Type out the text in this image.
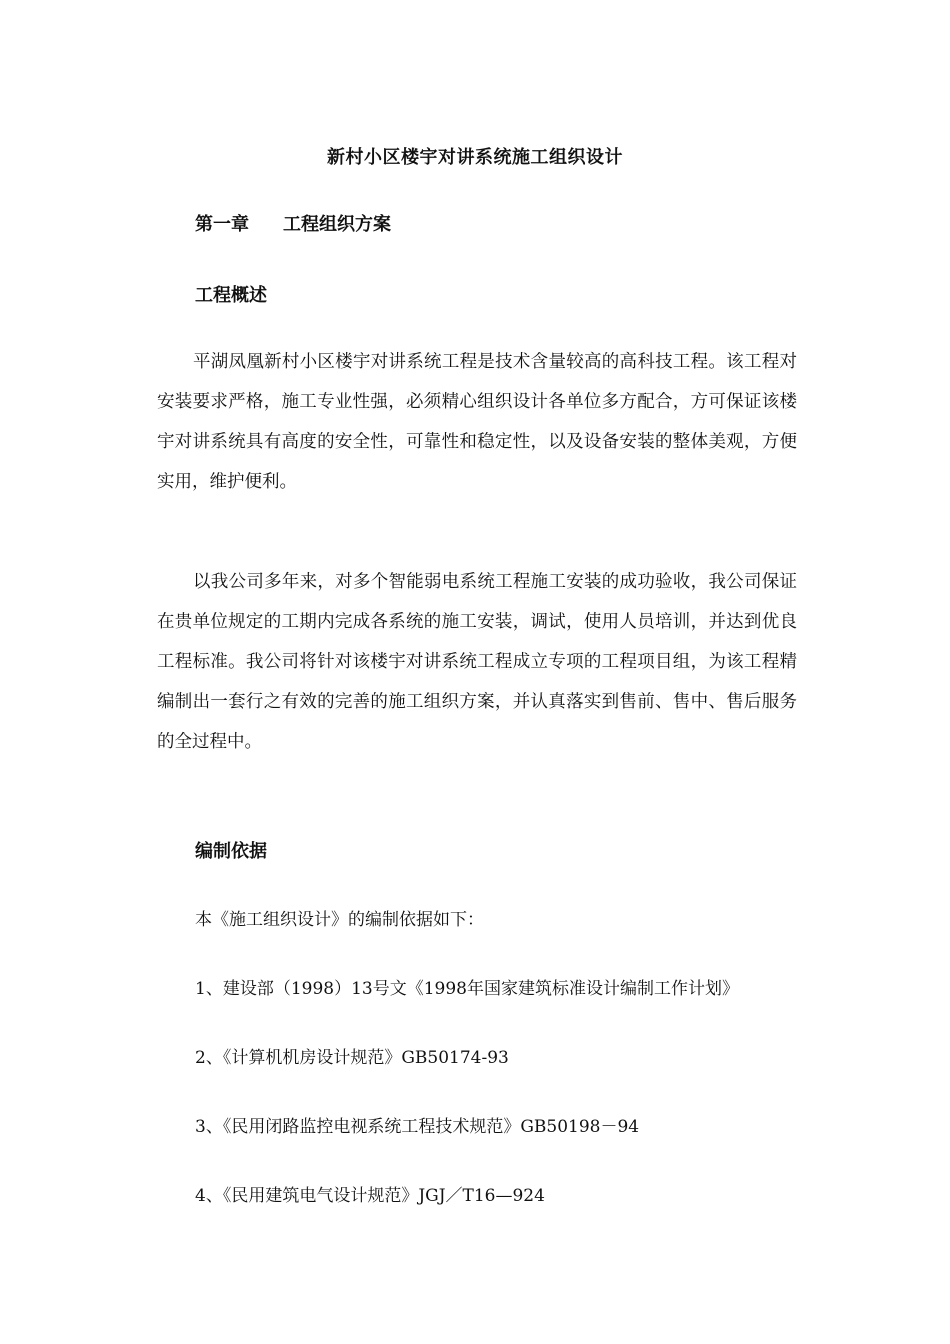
新村小区楼宇对讲系统施工组织设计
第一章 工程组织方案
工程概述

平湖凤凰新村小区楼宇对讲系统工程是技术含量较高的高科技工程。该工程对安装要求严格，施工专业性强，必须精心组织设计各单位多方配合，方可保证该楼宇对讲系统具有高度的安全性，可靠性和稳定性，以及设备安装的整体美观，方便实用，维护便利。

以我公司多年来，对多个智能弱电系统工程施工安装的成功验收，我公司保证在贵单位规定的工期内完成各系统的施工安装，调试，使用人员培训，并达到优良工程标准。我公司将针对该楼宇对讲系统工程成立专项的工程项目组，为该工程精编制出一套行之有效的完善的施工组织方案，并认真落实到售前、售中、售后服务的全过程中。

编制依据
本《施工组织设计》的编制依据如下：
1、建设部（1998）13号文《1998年国家建筑标准设计编制工作计划》
2、《计算机机房设计规范》GB50174-93
3、《民用闭路监控电视系统工程技术规范》GB50198－94
4、《民用建筑电气设计规范》JGJ／T16—924
